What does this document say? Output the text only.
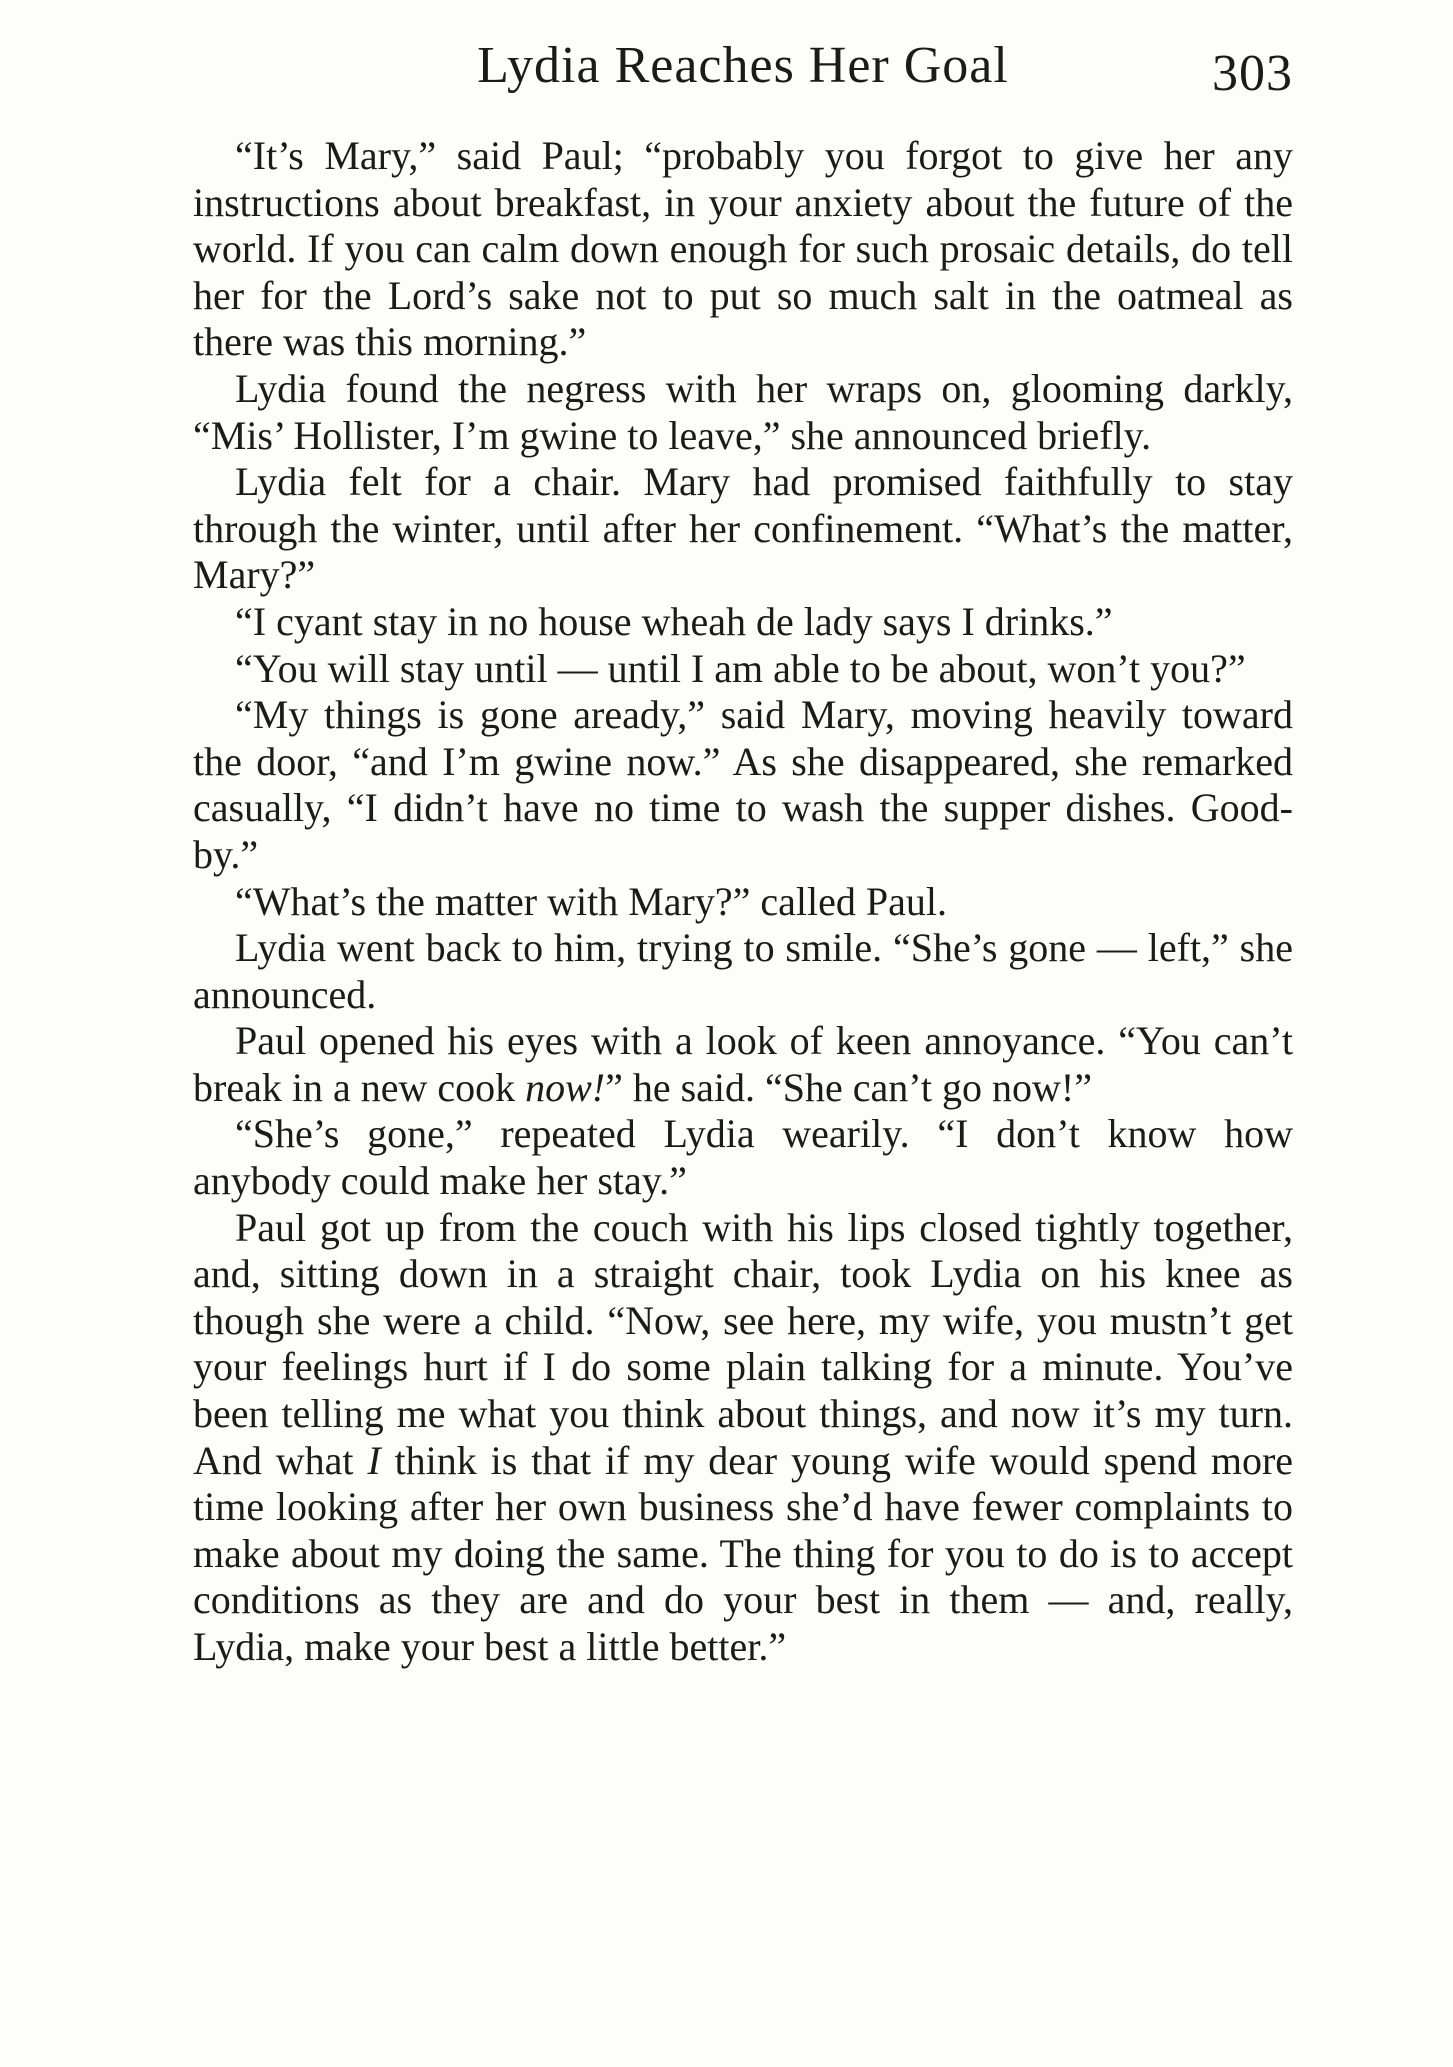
Lydia Reaches Her Goal	303

“It’s Mary,” said Paul; “probably you forgot to give her any instructions about breakfast, in your anxiety about the future of the world. If you can calm down enough for such prosaic details, do tell her for the Lord’s sake not to put so much salt in the oatmeal as there was this morning.”

Lydia found the negress with her wraps on, glooming darkly, “Mis’ Hollister, I’m gwine to leave,” she announced briefly.

Lydia felt for a chair. Mary had promised faithfully to stay through the winter, until after her confinement. “What’s the matter, Mary?”

“I cyant stay in no house wheah de lady says I drinks.”

“You will stay until — until I am able to be about, won’t you?”

“My things is gone aready,” said Mary, moving heavily toward the door, “and I’m gwine now.” As she disappeared, she remarked casually, “I didn’t have no time to wash the supper dishes. Good-by.”

“What’s the matter with Mary?” called Paul.

Lydia went back to him, trying to smile. “She’s gone — left,” she announced.

Paul opened his eyes with a look of keen annoyance. “You can’t break in a new cook now!” he said. “She can’t go now!”

“She’s gone,” repeated Lydia wearily. “I don’t know how anybody could make her stay.”

Paul got up from the couch with his lips closed tightly together, and, sitting down in a straight chair, took Lydia on his knee as though she were a child. “Now, see here, my wife, you mustn’t get your feelings hurt if I do some plain talking for a minute. You’ve been telling me what you think about things, and now it’s my turn. And what I think is that if my dear young wife would spend more time looking after her own business she’d have fewer complaints to make about my doing the same. The thing for you to do is to accept conditions as they are and do your best in them — and, really, Lydia, make your best a little better.”
